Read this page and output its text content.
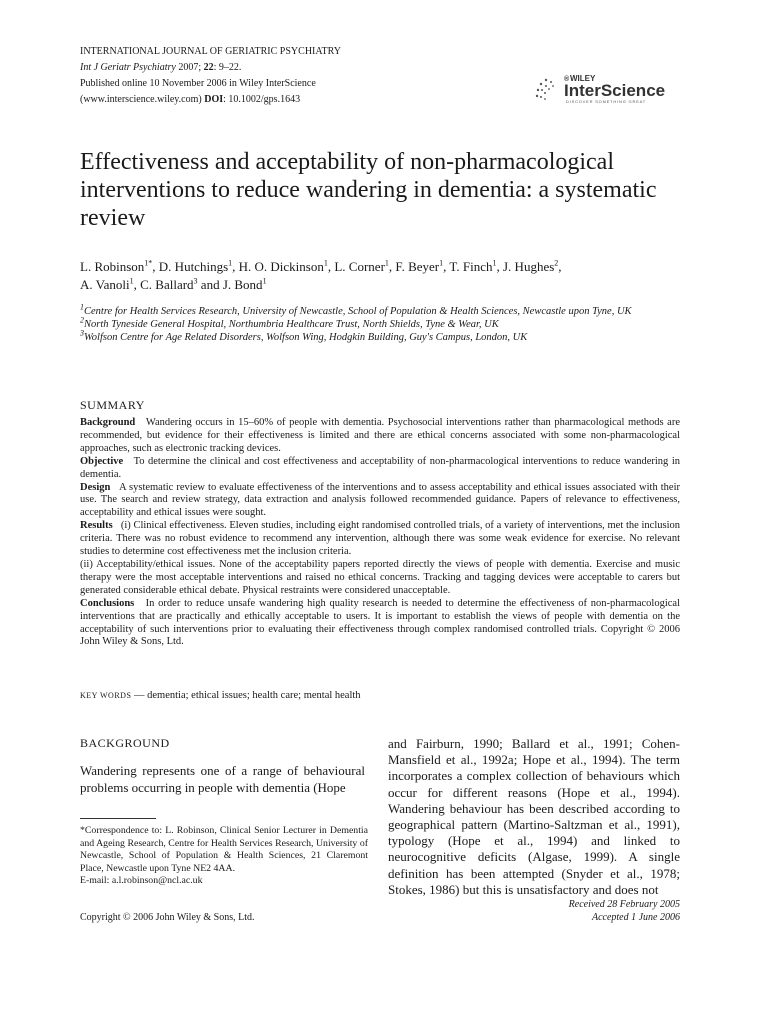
INTERNATIONAL JOURNAL OF GERIATRIC PSYCHIATRY
Int J Geriatr Psychiatry 2007; 22: 9–22.
Published online 10 November 2006 in Wiley InterScience
(www.interscience.wiley.com) DOI: 10.1002/gps.1643
® WILEY
InterScience
DISCOVER SOMETHING GREAT
Effectiveness and acceptability of non-pharmacological interventions to reduce wandering in dementia: a systematic review
L. Robinson$^{1*}$, D. Hutchings$^1$, H. O. Dickinson$^1$, L. Corner$^1$, F. Beyer$^1$, T. Finch$^1$, J. Hughes$^2$,
A. Vanoli$^1$, C. Ballard$^3$ and J. Bond$^1$
$^1$Centre for Health Services Research, University of Newcastle, School of Population & Health Sciences, Newcastle upon Tyne, UK
$^2$North Tyneside General Hospital, Northumbria Healthcare Trust, North Shields, Tyne & Wear, UK
$^3$Wolfson Centre for Age Related Disorders, Wolfson Wing, Hodgkin Building, Guy's Campus, London, UK
SUMMARY

Background Wandering occurs in 15–60% of people with dementia. Psychosocial interventions rather than pharmacological methods are recommended, but evidence for their effectiveness is limited and there are ethical concerns associated with some non-pharmacological approaches, such as electronic tracking devices.

Objective To determine the clinical and cost effectiveness and acceptability of non-pharmacological interventions to reduce wandering in dementia.

Design A systematic review to evaluate effectiveness of the interventions and to assess acceptability and ethical issues associated with their use. The search and review strategy, data extraction and analysis followed recommended guidance. Papers of relevance to effectiveness, acceptability and ethical issues were sought.

Results (i) Clinical effectiveness. Eleven studies, including eight randomised controlled trials, of a variety of interventions, met the inclusion criteria. There was no robust evidence to recommend any intervention, although there was some weak evidence for exercise. No relevant studies to determine cost effectiveness met the inclusion criteria.

(ii) Acceptability/ethical issues. None of the acceptability papers reported directly the views of people with dementia. Exercise and music therapy were the most acceptable interventions and raised no ethical concerns. Tracking and tagging devices were acceptable to carers but generated considerable ethical debate. Physical restraints were considered unacceptable.

Conclusions In order to reduce unsafe wandering high quality research is needed to determine the effectiveness of non-pharmacological interventions that are practically and ethically acceptable to users. It is important to establish the views of people with dementia on the acceptability of such interventions prior to evaluating their effectiveness through complex randomised controlled trials. Copyright © 2006 John Wiley & Sons, Ltd.

KEY WORDS — dementia; ethical issues; health care; mental health
BACKGROUND
Wandering represents one of a range of behavioural problems occurring in people with dementia (Hope
and Fairburn, 1990; Ballard et al., 1991; Cohen-Mansfield et al., 1992a; Hope et al., 1994). The term incorporates a complex collection of behaviours which occur for different reasons (Hope et al., 1994). Wandering behaviour has been described according to geographical pattern (Martino-Saltzman et al., 1991), typology (Hope et al., 1994) and linked to neurocognitive deficits (Algase, 1999). A single definition has been attempted (Snyder et al., 1978; Stokes, 1986) but this is unsatisfactory and does not
*Correspondence to: L. Robinson, Clinical Senior Lecturer in Dementia and Ageing Research, Centre for Health Services Research, University of Newcastle, School of Population & Health Sciences, 21 Claremont Place, Newcastle upon Tyne NE2 4AA.
E-mail: a.l.robinson@ncl.ac.uk
Copyright © 2006 John Wiley & Sons, Ltd.
Received 28 February 2005
Accepted 1 June 2006
